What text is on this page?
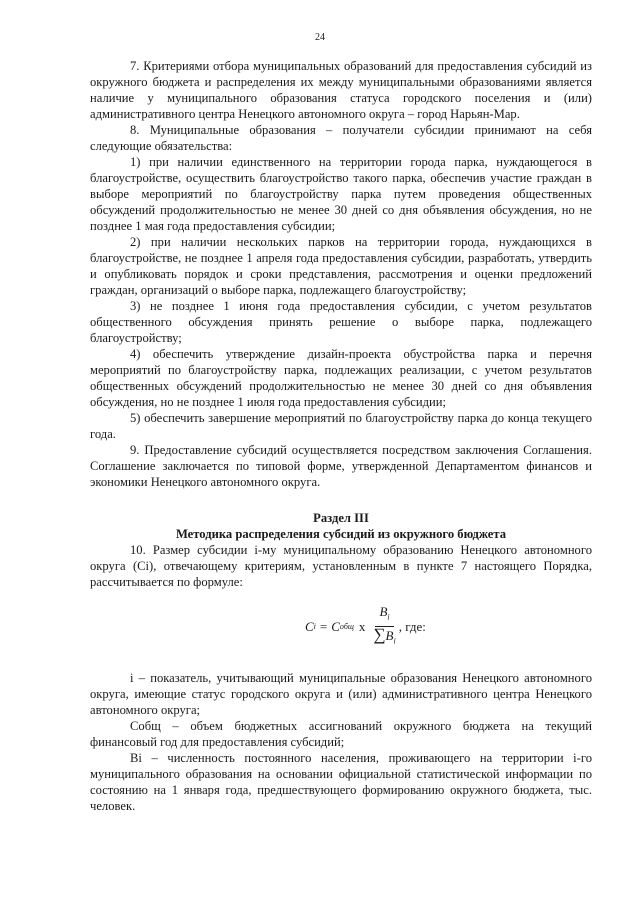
24

7. Критериями отбора муниципальных образований для предоставления субсидий из окружного бюджета и распределения их между муниципальными образованиями является наличие у муниципального образования статуса городского поселения и (или) административного центра Ненецкого автономного округа – город Нарьян-Мар.

8. Муниципальные образования – получатели субсидии принимают на себя следующие обязательства:

1) при наличии единственного на территории города парка, нуждающегося в благоустройстве, осуществить благоустройство такого парка, обеспечив участие граждан в выборе мероприятий по благоустройству парка путем проведения общественных обсуждений продолжительностью не менее 30 дней со дня объявления обсуждения, но не позднее 1 мая года предоставления субсидии;

2) при наличии нескольких парков на территории города, нуждающихся в благоустройстве, не позднее 1 апреля года предоставления субсидии, разработать, утвердить и опубликовать порядок и сроки представления, рассмотрения и оценки предложений граждан, организаций о выборе парка, подлежащего благоустройству;

3) не позднее 1 июня года предоставления субсидии, с учетом результатов общественного обсуждения принять решение о выборе парка, подлежащего благоустройству;

4) обеспечить утверждение дизайн-проекта обустройства парка и перечня мероприятий по благоустройству парка, подлежащих реализации, с учетом результатов общественных обсуждений продолжительностью не менее 30 дней со дня объявления обсуждения, но не позднее 1 июля года предоставления субсидии;

5) обеспечить завершение мероприятий по благоустройству парка до конца текущего года.

9. Предоставление субсидий осуществляется посредством заключения Соглашения. Соглашение заключается по типовой форме, утвержденной Департаментом финансов и экономики Ненецкого автономного округа.

Раздел III
Методика распределения субсидий из окружного бюджета

10. Размер субсидии i-му муниципальному образованию Ненецкого автономного округа (Ci), отвечающему критериям, установленным в пункте 7 настоящего Порядка, рассчитывается по формуле:

C i = C общ x $\frac{B_i}{\sum B_i}$ , где:

i – показатель, учитывающий муниципальные образования Ненецкого автономного округа, имеющие статус городского округа и (или) административного центра Ненецкого автономного округа;

Cобщ – объем бюджетных ассигнований окружного бюджета на текущий финансовый год для предоставления субсидий;

Bi – численность постоянного населения, проживающего на территории i-го муниципального образования на основании официальной статистической информации по состоянию на 1 января года, предшествующего формированию окружного бюджета, тыс. человек.
